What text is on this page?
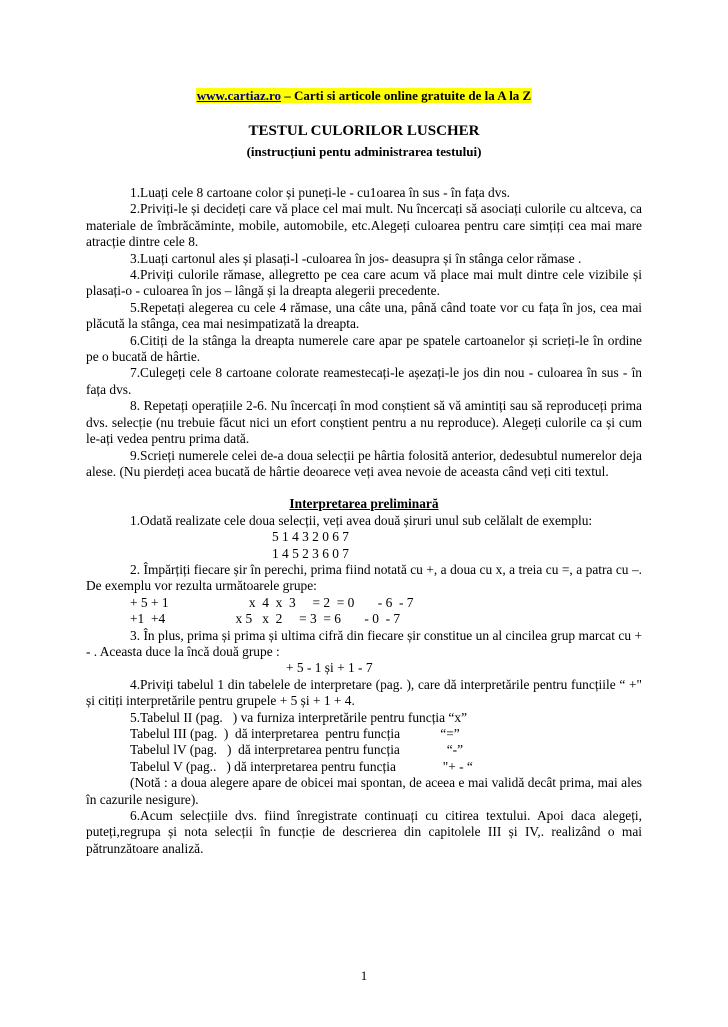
www.cartiaz.ro – Carti si articole online gratuite de la A la Z
TESTUL CULORILOR LUSCHER
(instrucțiuni pentu administrarea testului)

1.Luați cele 8 cartoane color și puneți-le - cu1oarea în sus - în fața dvs.

2.Priviți-le și decideți care vă place cel mai mult. Nu încercați să asociați culorile cu altceva, ca materiale de îmbrăcăminte, mobile, automobile, etc.Alegeți culoarea pentru care simțiți cea mai mare atracție dintre cele 8.

3.Luați cartonul ales și plasați-l -culoarea în jos- deasupra și în stânga celor rămase .

4.Priviți culorile rămase, allegretto pe cea care acum vă place mai mult dintre cele vizibile și plasați-o - culoarea în jos – lângă și la dreapta alegerii precedente.

5.Repetați alegerea cu cele 4 rămase, una câte una, până când toate vor cu fața în jos, cea mai plăcută la stânga, cea mai nesimpatizată la dreapta.

6.Citiți de la stânga la dreapta numerele care apar pe spatele cartoanelor și scrieți-le în ordine pe o bucată de hârtie.

7.Culegeți cele 8 cartoane colorate reamestecați-le așezați-le jos din nou - culoarea în sus - în fața dvs.

8. Repetați operațiile 2-6. Nu încercați în mod conștient să vă amintiți sau să reproduceți prima dvs. selecție (nu trebuie făcut nici un efort conștient pentru a nu reproduce). Alegeți culorile ca și cum le-ați vedea pentru prima dată.

9.Scrieți numerele celei de-a doua selecții pe hârtia folosită anterior, dedesubtul numerelor deja alese. (Nu pierdeți acea bucată de hârtie deoarece veți avea nevoie de aceasta când veți citi textul.

Interpretarea preliminară

1.Odată realizate cele doua selecții, veți avea două șiruri unul sub celălalt de exemplu:

5 1 4 3 2 0 6 7

1 4 5 2 3 6 0 7

2. Împărțiți fiecare șir în perechi, prima fiind notată cu +, a doua cu x, a treia cu =, a patra cu –. De exemplu vor rezulta următoarele grupe:

+ 5 + 1                        x  4  x  3     = 2  = 0       - 6  - 7

+1  +4                     x 5   x  2     = 3  = 6       - 0  - 7

3. În plus, prima și prima și ultima cifră din fiecare șir constitue un al cincilea grup marcat cu + - . Aceasta duce la încă două grupe :

+ 5 - 1 și + 1 - 7

4.Priviți tabelul 1 din tabelele de interpretare (pag. ), care dă interpretările pentru funcțiile “ +" și citiți interpretările pentru grupele + 5 și + 1 + 4.

5.Tabelul II (pag.   ) va furniza interpretările pentru funcția “x”

Tabelul III (pag.  )  dă interpretarea  pentru funcția            “=”

Tabelul lV (pag.   )  dă interpretarea pentru funcția              “-”

Tabelul V (pag..   ) dă interpretarea pentru funcția              "+ - “

(Notă : a doua alegere apare de obicei mai spontan, de aceea e mai validă decât prima, mai ales în cazurile nesigure).

6.Acum selecțiile dvs. fiind înregistrate continuați cu citirea textului. Apoi daca alegeți, puteți,regrupa și nota selecții în funcție de descrierea din capitolele III și IV,. realizând o mai pătrunzătoare analiză.

1
